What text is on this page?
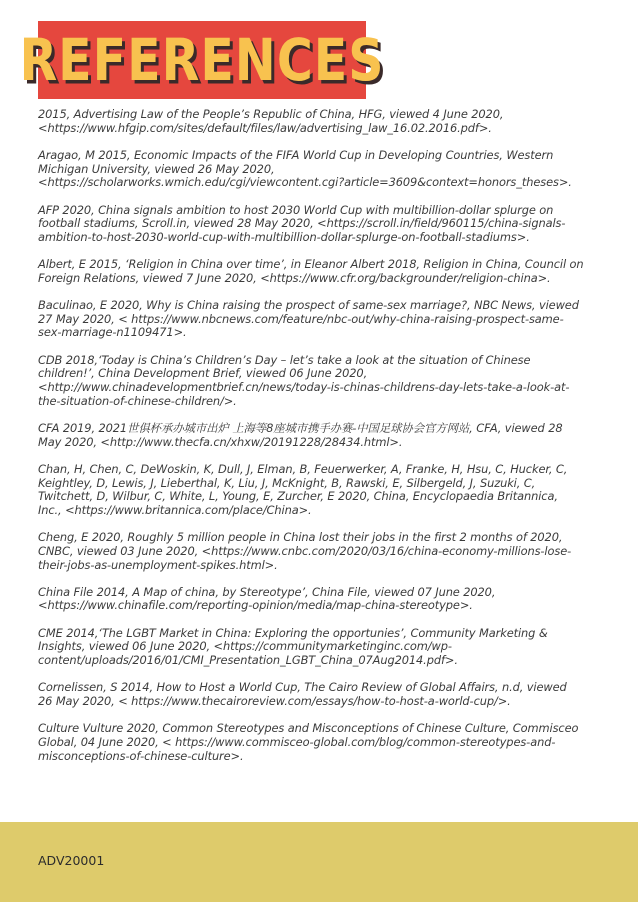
REFERENCES

2015, Advertising Law of the People’s Republic of China, HFG, viewed 4 June 2020, <https://www.hfgip.com/sites/default/files/law/advertising_law_16.02.2016.pdf>.

Aragao, M 2015, Economic Impacts of the FIFA World Cup in Developing Countries, Western Michigan University, viewed 26 May 2020, <https://scholarworks.wmich.edu/cgi/viewcontent.cgi?article=3609&context=honors_theses>.

AFP 2020, China signals ambition to host 2030 World Cup with multibillion-dollar splurge on football stadiums, Scroll.in, viewed 28 May 2020, <https://scroll.in/field/960115/china-signals-ambition-to-host-2030-world-cup-with-multibillion-dollar-splurge-on-football-stadiums>.

Albert, E 2015, ‘Religion in China over time’, in Eleanor Albert 2018, Religion in China, Council on Foreign Relations, viewed 7 June 2020, <https://www.cfr.org/backgrounder/religion-china>.

Baculinao, E 2020, Why is China raising the prospect of same-sex marriage?, NBC News, viewed 27 May 2020, < https://www.nbcnews.com/feature/nbc-out/why-china-raising-prospect-same-sex-marriage-n1109471>.

CDB 2018,‘Today is China’s Children’s Day – let’s take a look at the situation of Chinese children!’, China Development Brief, viewed 06 June 2020, <http://www.chinadevelopmentbrief.cn/news/today-is-chinas-childrens-day-lets-take-a-look-at-the-situation-of-chinese-children/>.

CFA 2019, 2021世俱杯承办城市出炉 上海等8座城市携手办赛-中国足球协会官方网站, CFA, viewed 28 May 2020, <http://www.thecfa.cn/xhxw/20191228/28434.html>.

Chan, H, Chen, C, DeWoskin, K, Dull, J, Elman, B, Feuerwerker, A, Franke, H, Hsu, C, Hucker, C, Keightley, D, Lewis, J, Lieberthal, K, Liu, J, McKnight, B, Rawski, E, Silbergeld, J, Suzuki, C, Twitchett, D, Wilbur, C, White, L, Young, E, Zurcher, E 2020, China, Encyclopaedia Britannica, Inc., <https://www.britannica.com/place/China>.

Cheng, E 2020, Roughly 5 million people in China lost their jobs in the first 2 months of 2020, CNBC, viewed 03 June 2020, <https://www.cnbc.com/2020/03/16/china-economy-millions-lose-their-jobs-as-unemployment-spikes.html>.

China File 2014, A Map of china, by Stereotype’, China File, viewed 07 June 2020, <https://www.chinafile.com/reporting-opinion/media/map-china-stereotype>.

CME 2014,‘The LGBT Market in China: Exploring the opportunies’, Community Marketing & Insights, viewed 06 June 2020, <https://communitymarketinginc.com/wp-content/uploads/2016/01/CMI_Presentation_LGBT_China_07Aug2014.pdf>.

Cornelissen, S 2014, How to Host a World Cup, The Cairo Review of Global Affairs, n.d, viewed 26 May 2020, < https://www.thecairoreview.com/essays/how-to-host-a-world-cup/>.

Culture Vulture 2020, Common Stereotypes and Misconceptions of Chinese Culture, Commisceo Global, 04 June 2020, < https://www.commisceo-global.com/blog/common-stereotypes-and-misconceptions-of-chinese-culture>.

ADV20001
